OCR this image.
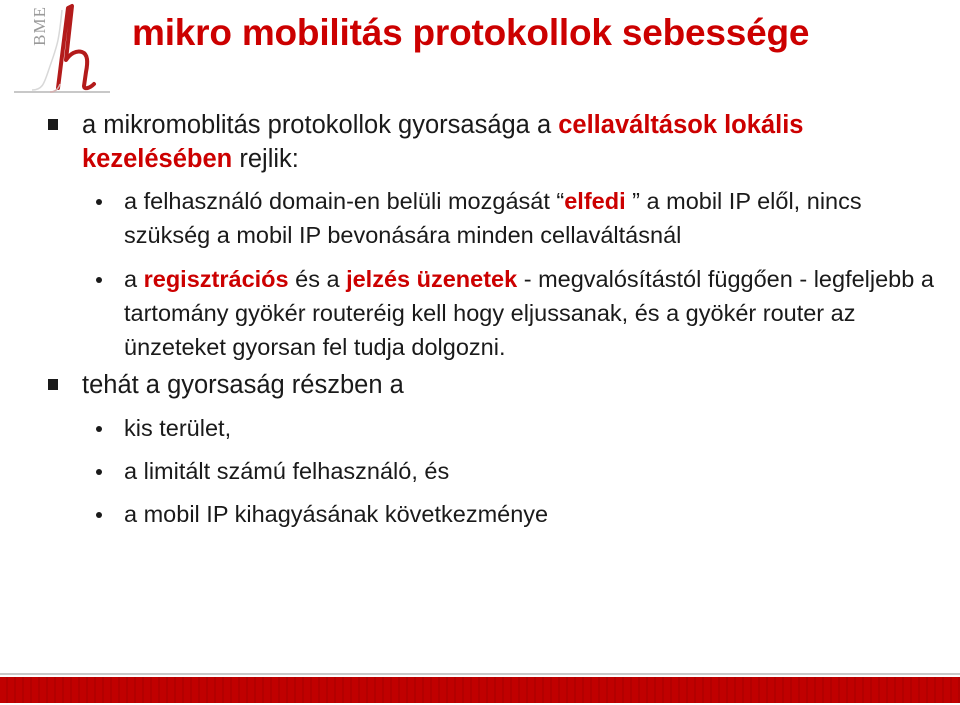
BME mikro mobilitás protokollok sebessége
a mikromoblitás protokollok gyorsasága a cellaváltások lokális kezelésében rejlik:
a felhasználó domain-en belüli mozgását “elfedi ” a mobil IP elől, nincs szükség a mobil IP bevonására minden cellaváltásnál
a regisztrációs és a jelzés üzenetek - megvalósítástól függően - legfeljebb a tartomány gyökér routeréig kell hogy eljussanak, és a gyökér router az ünzeteket gyorsan fel tudja dolgozni.
tehát a gyorsaság részben a
kis terület,
a limitált számú felhasználó, és
a mobil IP kihagyásának következménye
